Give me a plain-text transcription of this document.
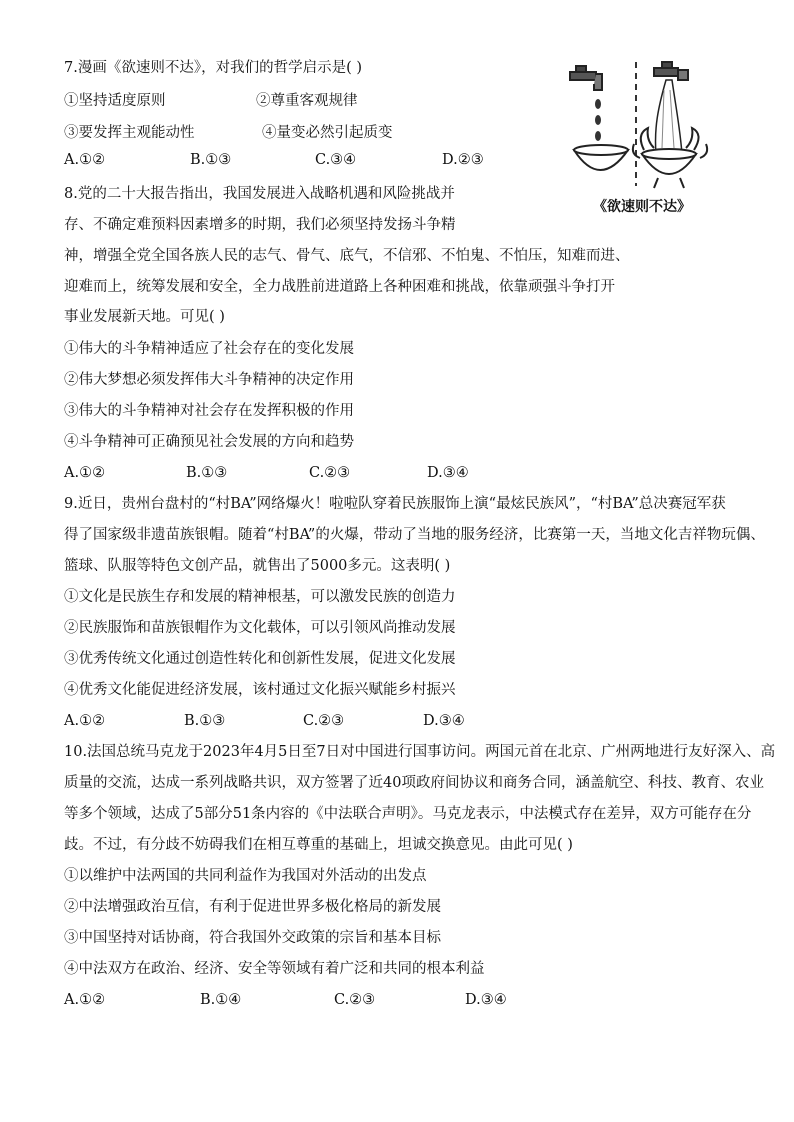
7.漫画《欲速则不达》，对我们的哲学启示是( )
①坚持适度原则	②尊重客观规律
③要发挥主观能动性	④量变必然引起质变
A.①②	B.①③	C.③④	D.②③
《欲速则不达》
8.党的二十大报告指出，我国发展进入战略机遇和风险挑战并
存、不确定难预料因素增多的时期，我们必须坚持发扬斗争精
神，增强全党全国各族人民的志气、骨气、底气，不信邪、不怕鬼、不怕压，知难而进、
迎难而上，统筹发展和安全，全力战胜前进道路上各种困难和挑战，依靠顽强斗争打开
事业发展新天地。可见( )
①伟大的斗争精神适应了社会存在的变化发展
②伟大梦想必须发挥伟大斗争精神的决定作用
③伟大的斗争精神对社会存在发挥积极的作用
④斗争精神可正确预见社会发展的方向和趋势
A.①②	B.①③	C.②③	D.③④
9.近日，贵州台盘村的“村BA”网络爆火！啦啦队穿着民族服饰上演“最炫民族风”，“村BA”总决赛冠军获
得了国家级非遗苗族银帽。随着“村BA”的火爆，带动了当地的服务经济，比赛第一天，当地文化吉祥物玩偶、
篮球、队服等特色文创产品，就售出了5000多元。这表明( )
①文化是民族生存和发展的精神根基，可以激发民族的创造力
②民族服饰和苗族银帽作为文化载体，可以引领风尚推动发展
③优秀传统文化通过创造性转化和创新性发展，促进文化发展
④优秀文化能促进经济发展，该村通过文化振兴赋能乡村振兴
A.①②	B.①③	C.②③	D.③④
10.法国总统马克龙于2023年4月5日至7日对中国进行国事访问。两国元首在北京、广州两地进行友好深入、高
质量的交流，达成一系列战略共识，双方签署了近40项政府间协议和商务合同，涵盖航空、科技、教育、农业
等多个领域，达成了5部分51条内容的《中法联合声明》。马克龙表示，中法模式存在差异，双方可能存在分
歧。不过，有分歧不妨碍我们在相互尊重的基础上，坦诚交换意见。由此可见( )
①以维护中法两国的共同利益作为我国对外活动的出发点
②中法增强政治互信，有利于促进世界多极化格局的新发展
③中国坚持对话协商，符合我国外交政策的宗旨和基本目标
④中法双方在政治、经济、安全等领域有着广泛和共同的根本利益
A.①②	B.①④	C.②③	D.③④
